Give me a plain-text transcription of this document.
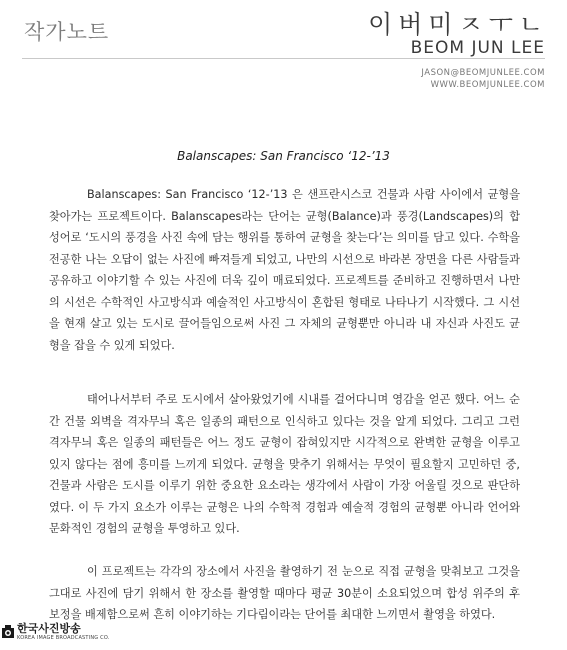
작가노트	이버미ㅈㅜㄴ
BEOM JUN LEE
JASON@BEOMJUNLEE.COM
WWW.BEOMJUNLEE.COM
Balanscapes: San Francisco ‘12-’13

Balanscapes: San Francisco ‘12-’13 은 샌프란시스코 건물과 사람 사이에서 균형을 찾아가는 프로젝트이다. Balanscapes라는 단어는 균형(Balance)과 풍경(Landscapes)의 합성어로 ‘도시의 풍경을 사진 속에 담는 행위를 통하여 균형을 찾는다’는 의미를 담고 있다. 수학을 전공한 나는 오답이 없는 사진에 빠져들게 되었고, 나만의 시선으로 바라본 장면을 다른 사람들과 공유하고 이야기할 수 있는 사진에 더욱 깊이 매료되었다. 프로젝트를 준비하고 진행하면서 나만의 시선은 수학적인 사고방식과 예술적인 사고방식이 혼합된 형태로 나타나기 시작했다. 그 시선을 현재 살고 있는 도시로 끌어들임으로써 사진 그 자체의 균형뿐만 아니라 내 자신과 사진도 균형을 잡을 수 있게 되었다.

태어나서부터 주로 도시에서 살아왔었기에 시내를 걸어다니며 영감을 얻곤 했다. 어느 순간 건물 외벽을 격자무늬 혹은 일종의 패턴으로 인식하고 있다는 것을 알게 되었다. 그리고 그런 격자무늬 혹은 일종의 패턴들은 어느 정도 균형이 잡혀있지만 시각적으로 완벽한 균형을 이루고 있지 않다는 점에 흥미를 느끼게 되었다. 균형을 맞추기 위해서는 무엇이 필요할지 고민하던 중, 건물과 사람은 도시를 이루기 위한 중요한 요소라는 생각에서 사람이 가장 어울릴 것으로 판단하였다. 이 두 가지 요소가 이루는 균형은 나의 수학적 경험과 예술적 경험의 균형뿐 아니라 언어와 문화적인 경험의 균형을 투영하고 있다.

이 프로젝트는 각각의 장소에서 사진을 촬영하기 전 눈으로 직접 균형을 맞춰보고 그것을 그대로 사진에 담기 위해서 한 장소를 촬영할 때마다 평균 30분이 소요되었으며 합성 위주의 후보정을 배제함으로써 흔히 이야기하는 기다림이라는 단어를 최대한 느끼면서 촬영을 하였다.

한국사진방송
KOREA IMAGE BROADCASTING CO.
